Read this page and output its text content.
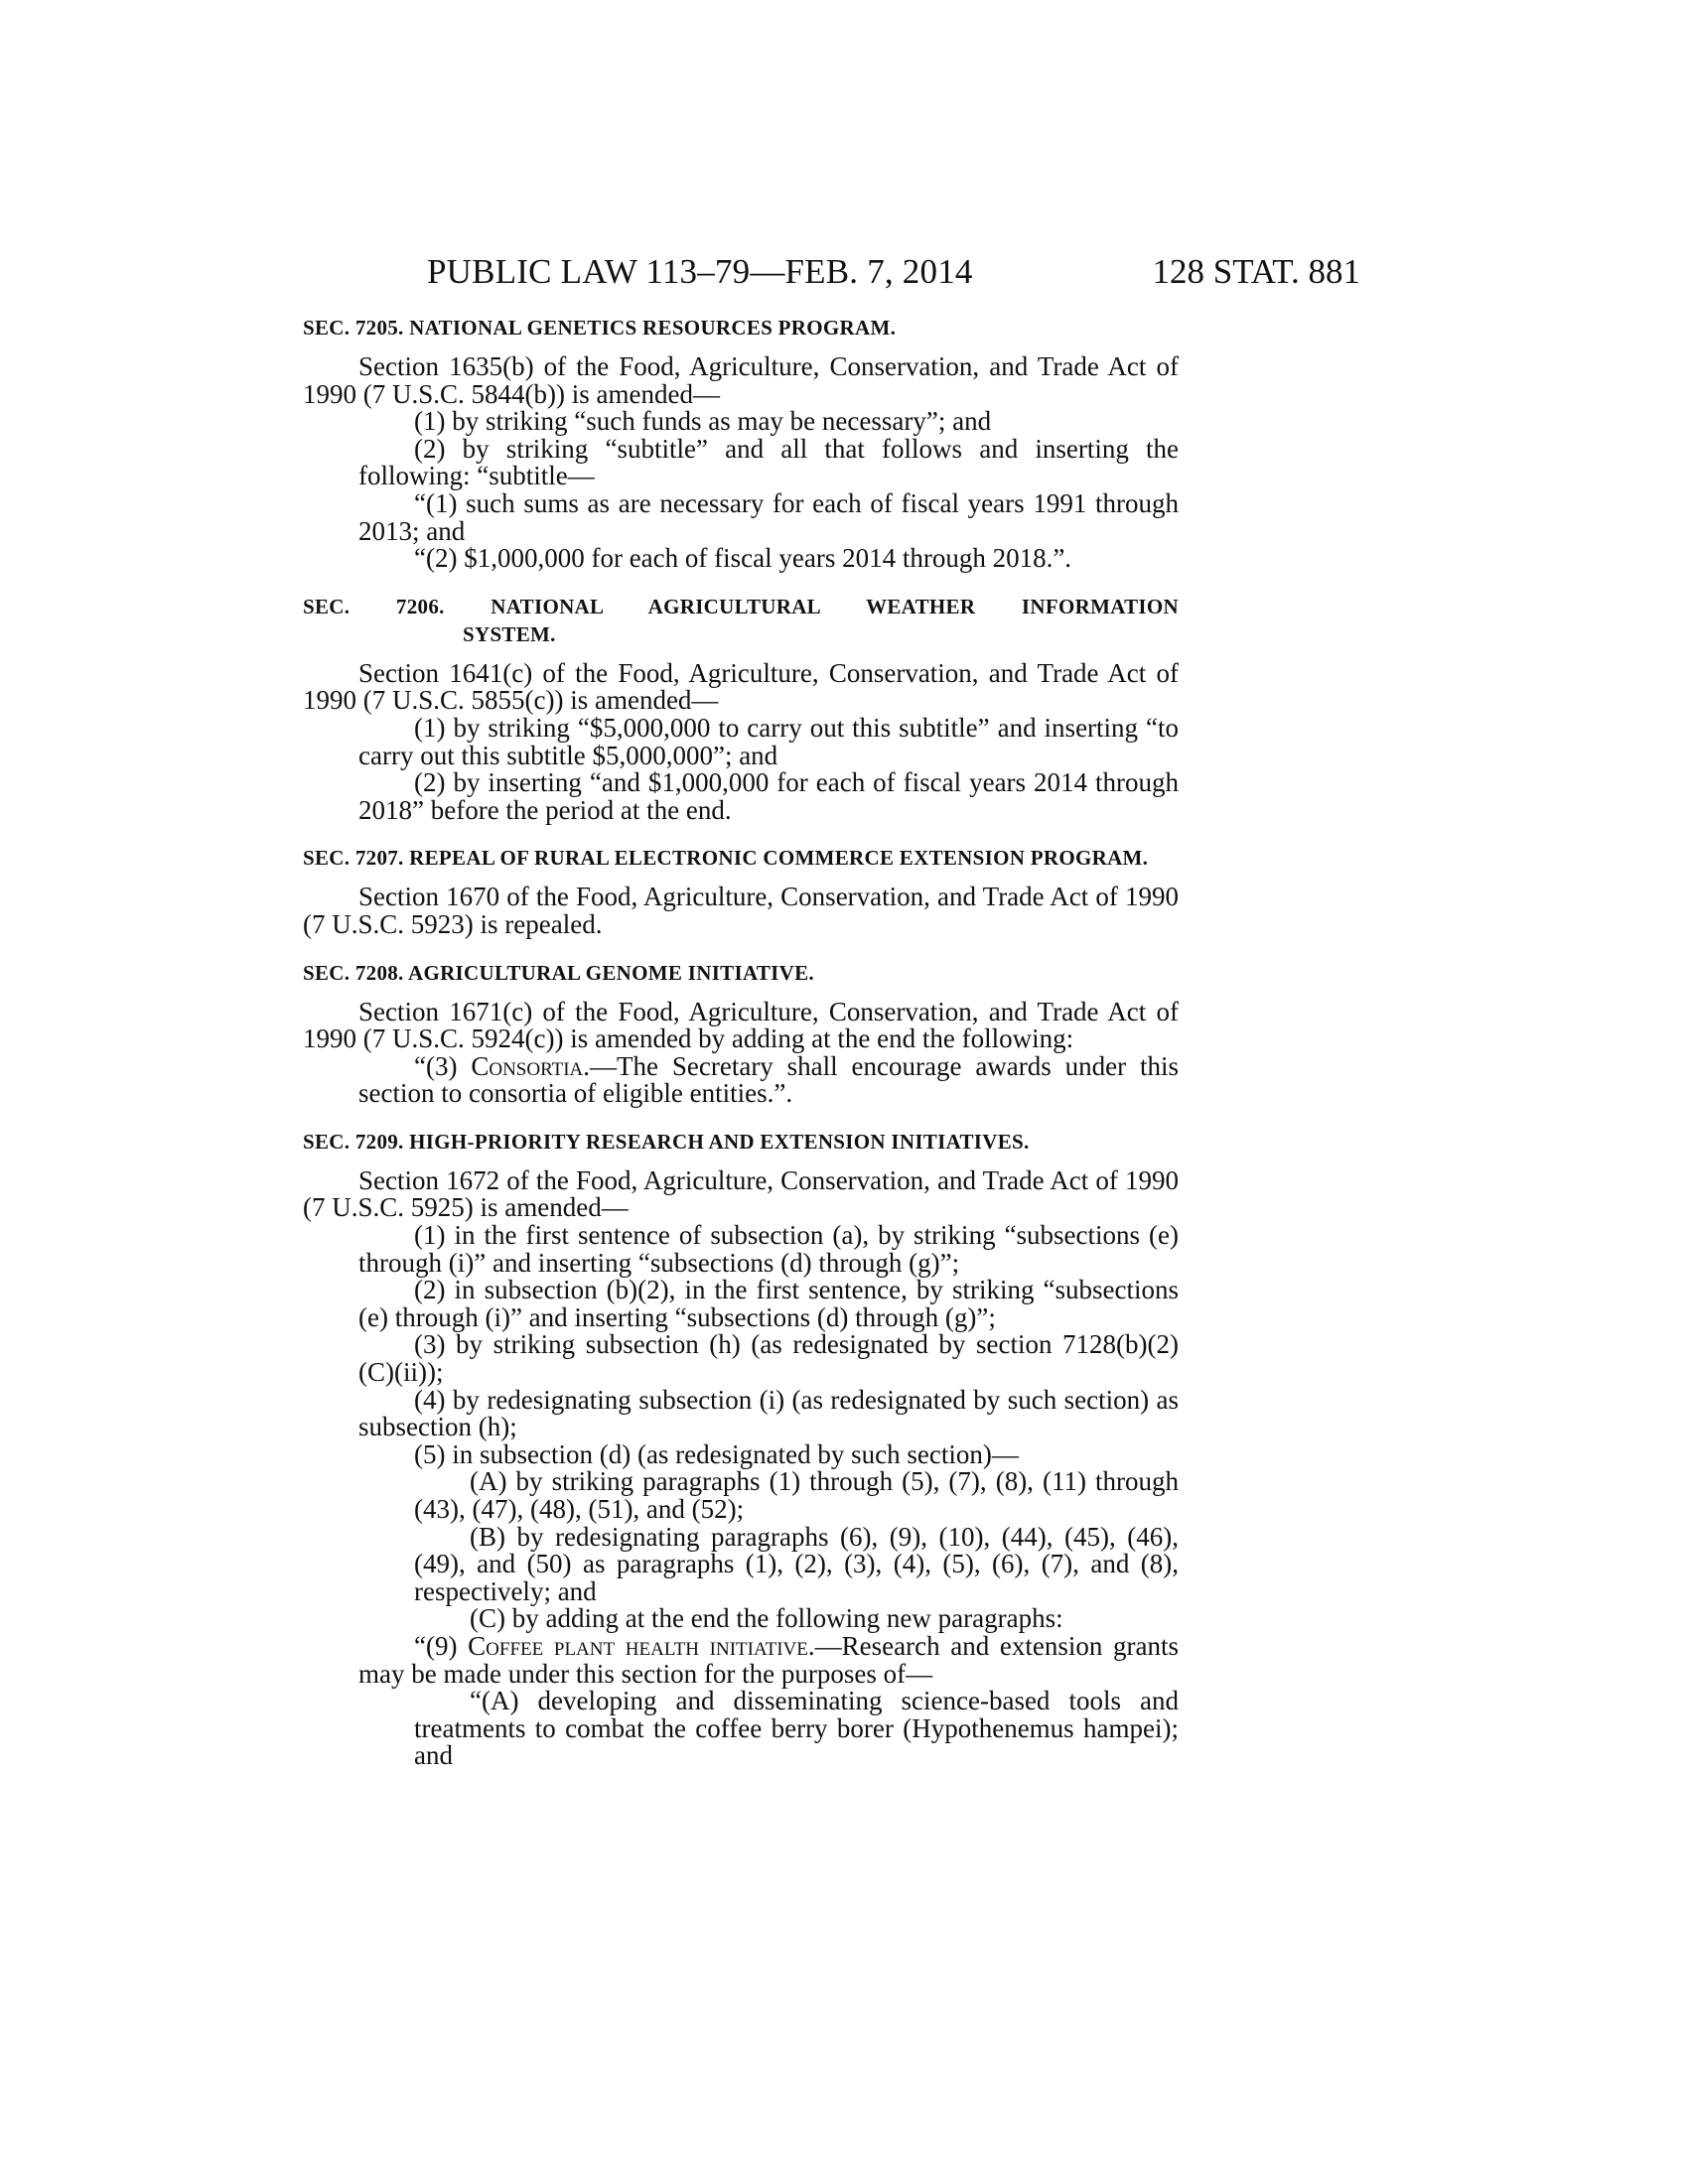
PUBLIC LAW 113–79—FEB. 7, 2014	128 STAT. 881
SEC. 7205. NATIONAL GENETICS RESOURCES PROGRAM.

Section 1635(b) of the Food, Agriculture, Conservation, and Trade Act of 1990 (7 U.S.C. 5844(b)) is amended—

(1) by striking “such funds as may be necessary”; and

(2) by striking “subtitle” and all that follows and inserting the following: “subtitle—

“(1) such sums as are necessary for each of fiscal years 1991 through 2013; and

“(2) $1,000,000 for each of fiscal years 2014 through 2018.”.

SEC. 7206. NATIONAL AGRICULTURAL WEATHER INFORMATION SYSTEM.

Section 1641(c) of the Food, Agriculture, Conservation, and Trade Act of 1990 (7 U.S.C. 5855(c)) is amended—

(1) by striking “$5,000,000 to carry out this subtitle” and inserting “to carry out this subtitle $5,000,000”; and

(2) by inserting “and $1,000,000 for each of fiscal years 2014 through 2018” before the period at the end.

SEC. 7207. REPEAL OF RURAL ELECTRONIC COMMERCE EXTENSION PROGRAM.

Section 1670 of the Food, Agriculture, Conservation, and Trade Act of 1990 (7 U.S.C. 5923) is repealed.

SEC. 7208. AGRICULTURAL GENOME INITIATIVE.

Section 1671(c) of the Food, Agriculture, Conservation, and Trade Act of 1990 (7 U.S.C. 5924(c)) is amended by adding at the end the following:

“(3) Consortia.—The Secretary shall encourage awards under this section to consortia of eligible entities.”.

SEC. 7209. HIGH-PRIORITY RESEARCH AND EXTENSION INITIATIVES.

Section 1672 of the Food, Agriculture, Conservation, and Trade Act of 1990 (7 U.S.C. 5925) is amended—

(1) in the first sentence of subsection (a), by striking “subsections (e) through (i)” and inserting “subsections (d) through (g)”;

(2) in subsection (b)(2), in the first sentence, by striking “subsections (e) through (i)” and inserting “subsections (d) through (g)”;

(3) by striking subsection (h) (as redesignated by section 7128(b)(2)(C)(ii));

(4) by redesignating subsection (i) (as redesignated by such section) as subsection (h);

(5) in subsection (d) (as redesignated by such section)—

(A) by striking paragraphs (1) through (5), (7), (8), (11) through (43), (47), (48), (51), and (52);

(B) by redesignating paragraphs (6), (9), (10), (44), (45), (46), (49), and (50) as paragraphs (1), (2), (3), (4), (5), (6), (7), and (8), respectively; and

(C) by adding at the end the following new paragraphs:

“(9) Coffee plant health initiative.—Research and extension grants may be made under this section for the purposes of—

“(A) developing and disseminating science-based tools and treatments to combat the coffee berry borer (Hypothenemus hampei); and
